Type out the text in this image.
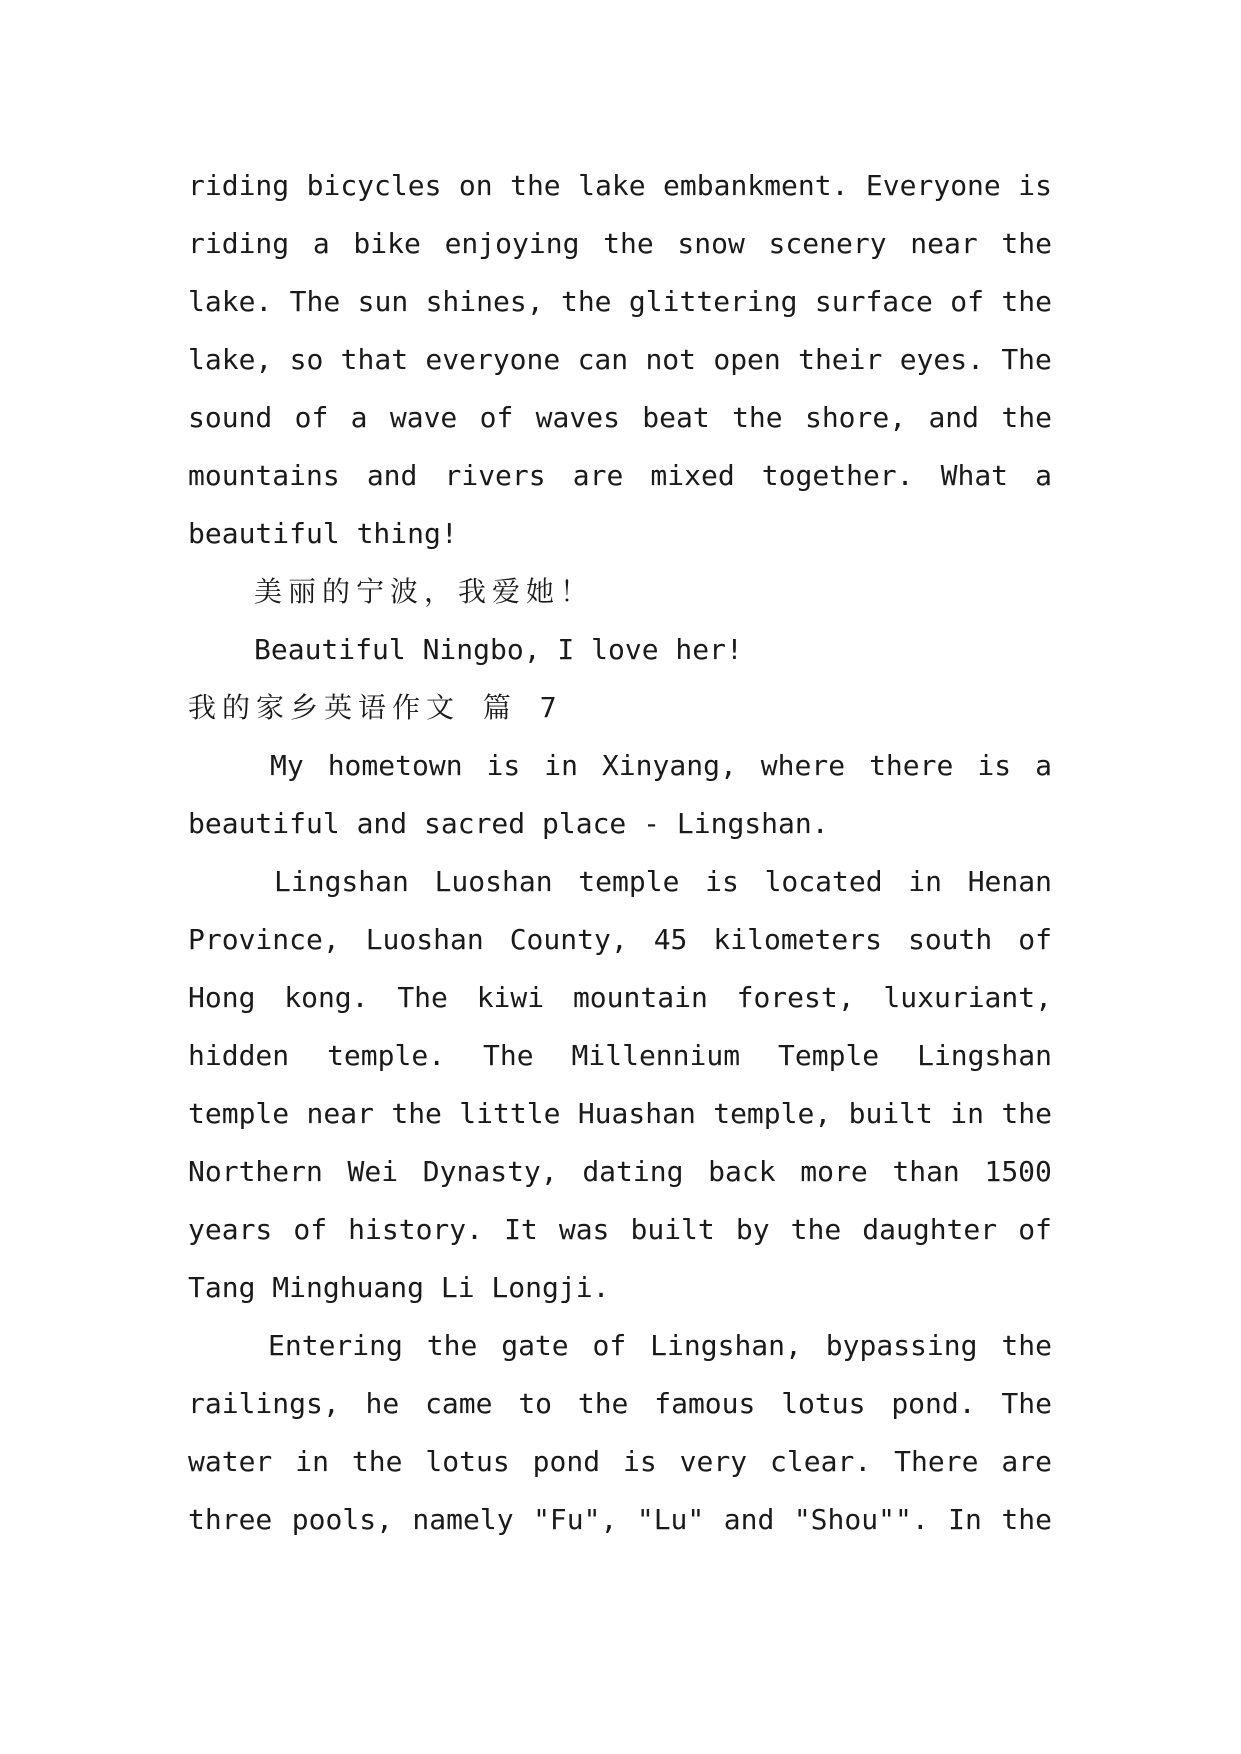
riding bicycles on the lake embankment. Everyone is
riding a bike enjoying the snow scenery near the
lake. The sun shines, the glittering surface of the
lake, so that everyone can not open their eyes. The
sound of a wave of waves beat the shore, and the
mountains and rivers are mixed together. What a
beautiful thing!
美丽的宁波，我爱她！
Beautiful Ningbo, I love her!
我的家乡英语作文 篇 7
My hometown is in Xinyang, where there is a
beautiful and sacred place - Lingshan.
Lingshan Luoshan temple is located in Henan
Province, Luoshan County, 45 kilometers south of
Hong kong. The kiwi mountain forest, luxuriant,
hidden temple. The Millennium Temple Lingshan
temple near the little Huashan temple, built in the
Northern Wei Dynasty, dating back more than 1500
years of history. It was built by the daughter of
Tang Minghuang Li Longji.
Entering the gate of Lingshan, bypassing the
railings, he came to the famous lotus pond. The
water in the lotus pond is very clear. There are
three pools, namely "Fu", "Lu" and "Shou"". In the
